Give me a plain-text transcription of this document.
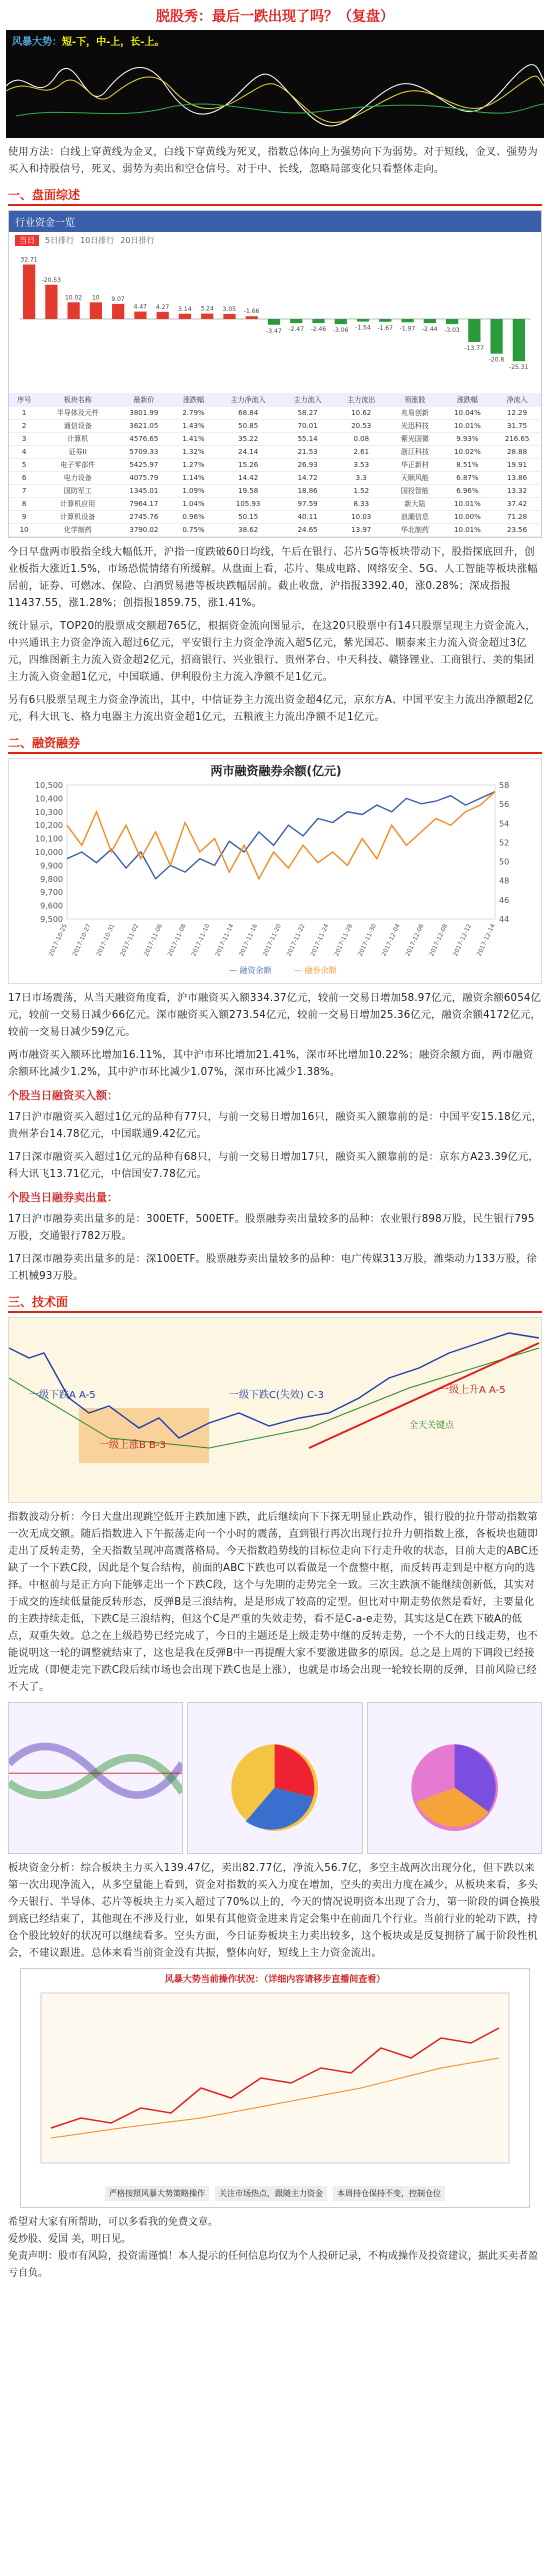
脱股秀：最后一跌出现了吗？（复盘）
风暴大势：短-下，中-上，长-上。

使用方法：白线上穿黄线为金叉，白线下穿黄线为死叉，指数总体向上为强势向下为弱势。对于短线，金叉、强势为买入和持股信号，死叉、弱势为卖出和空仓信号。对于中、长线，忽略局部变化只看整体走向。

一、盘面综述
行业资金一览
当日	5日排行 10日排行 20日排行
32.71
-20.53
10.02 10 9.07
4.47 4.27 3.14 3.24 3.05 -1.66
-3.47 -2.47 -2.46 -3.06 -1.54 -1.67 -1.97 -2.44 -3.03
-13.77
-20.8
-25.31
序号	板块名称	最新价	涨跌幅	主力净流入	主力流入	主力流出	领涨股	涨跌幅	净流入
1	半导体及元件	3801.99	2.79%	68.84	58.27	10.62	兆易创新	10.04%	12.29
2	通信设备	3621.05	1.43%	50.85	70.01	20.53	光迅科技	10.01%	31.75
3	计算机	4576.65	1.41%	35.22	55.14	0.08	紫光国微	9.93%	216.65
4	证券II	5709.33	1.32%	24.14	21.53	2.61	浙江科技	10.02%	28.88
5	电子零部件	5425.97	1.27%	15.26	26.93	3.53	华正新材	8.51%	19.91
6	电力设备	4075.79	1.14%	14.42	14.72	3.3	天顺风能	6.87%	13.86
7	国防军工	1345.01	1.09%	19.58	18.86	1.52	国投智能	6.96%	13.32
8	计算机应用	7964.17	1.04%	105.93	97.59	8.33	新大陆	10.01%	37.42
9	计算机设备	2745.76	0.96%	50.15	40.11	10.03	浪潮信息	10.00%	71.28
10	化学制药	3790.02	0.75%	38.62	24.65	13.97	华北制药	10.01%	23.56

今日早盘两市股指全线大幅低开，沪指一度跌破60日均线，午后在银行、芯片5G等板块带动下，股指探底回升，创业板指大涨近1.5%，市场恐慌情绪有所缓解。从盘面上看，芯片、集成电路、网络安全、5G、人工智能等板块涨幅居前，证券、可燃冰、保险、白酒贸易港等板块跌幅居前。截止收盘，沪指报3392.40，涨0.28%；深成指报11437.55，涨1.28%；创指报1859.75，涨1.41%。

统计显示，TOP20的股票成交额超765亿，根据资金流向图显示，在这20只股票中有14只股票呈现主力资金流入，中兴通讯主力资金净流入超过6亿元，平安银行主力资金净流入超5亿元，紫光国芯、顺泰来主力流入资金超过3亿元，四维图新主力流入资金超2亿元，招商银行、兴业银行、贵州茅台、中天科技、赣锋锂业、工商银行、美的集团主力流入资金超1亿元，中国联通、伊利股份主力流入净额不足1亿元。

另有6只股票呈现主力资金净流出，其中，中信证券主力流出资金超4亿元，京东方A、中国平安主力流出净额超2亿元，科大讯飞、格力电器主力流出资金超1亿元，五粮液主力流出净额不足1亿元。

二、融资融券
两市融资融券余额(亿元)
10,500
10,400
10,300
10,200
10,100
10,000
9,900
9,800
9,700
9,600
9,500
58
56
54
52
50
48
46
44
2017-10-25 2017-10-27 2017-10-31 2017-11-02 2017-11-06 2017-11-08 2017-11-10 2017-11-14 2017-11-16 2017-11-20 2017-11-22 2017-11-24 2017-11-28 2017-11-30 2017-12-04 2017-12-06 2017-12-08 2017-12-12 2017-12-14
— 融资余额	— 融券余额

17日市场震荡，从当天融资角度看，沪市融资买入额334.37亿元，较前一交易日增加58.97亿元，融资余额6054亿元，较前一交易日减少66亿元。深市融资买入额273.54亿元，较前一交易日增加25.36亿元，融资余额4172亿元，较前一交易日减少59亿元。

两市融资买入额环比增加16.11%，其中沪市环比增加21.41%，深市环比增加10.22%；融资余额方面，两市融资余额环比减少1.2%，其中沪市环比减少1.07%，深市环比减少1.38%。

个股当日融资买入额：

17日沪市融资买入超过1亿元的品种有77只，与前一交易日增加16只，融资买入额靠前的是：中国平安15.18亿元，贵州茅台14.78亿元，中国联通9.42亿元。

17日深市融资买入超过1亿元的品种有68只，与前一交易日增加17只，融资买入额靠前的是：京东方A23.39亿元，科大讯飞13.71亿元，中信国安7.78亿元。

个股当日融券卖出量：

17日沪市融券卖出量多的是：300ETF，500ETF。股票融券卖出量较多的品种：农业银行898万股，民生银行795万股，交通银行782万股。

17日深市融券卖出量多的是：深100ETF。股票融券卖出量较多的品种：电广传媒313万股，潍柴动力133万股，徐工机械93万股。

三、技术面
一级下跌A A-5
一级上涨B B-3
一级下跌C(失效) C-3	一级上升A A-5
全天关键点

指数波动分析：今日大盘出现跳空低开主跌加速下跌，此后继续向下下探无明显止跌动作，银行股的拉升带动指数第一次无成交额。随后指数进入下午振荡走向一个小时的震荡，直到银行再次出现行拉升力朝指数上涨，各板块也随即走出了反转走势，全天指数呈现冲高震落格局。今天指数趋势线的目标位走向下行走升收的状态，目前大走的ABC还缺了一个下跌C段，因此是个复合结构，前面的ABC下跌也可以看做是一个盘整中枢，而反转再走到是中枢方向的选择。中枢前与是正方向下能够走出一个下跌C段，这个与先期的走势完全一致。三次主跌演不能继续创新低，其实对于成交的连续低量能反转形态，反弹B是三浪结构，是是形成了较高的定型。但比对中期走势依然是看好，主要量化的主跌持续走低，下跌C是三浪结构，但这个C是严重的失效走势，看不是C-a-e走势，其实这是C在跌下破A的低点，双重失效。总之在上级趋势已经完成了，今日的主题还是上级走势中继的反转走势，一个不大的日线走势，也不能说明这一轮的调整就结束了，这也是我在反弹B中一再提醒大家不要激进做多的原因。总之是上周的下调段已经接近完成（即便走完下跌C段后续市场也会出现下跌C也是上涨），也就是市场会出现一轮较长期的反弹，目前风险已经不大了。

板块资金分析：综合板块主力买入139.47亿，卖出82.77亿，净流入56.7亿，多空主战两次出现分化，但下跌以来第一次出现净流入，从多空量能上看到，资金对指数的买入力度在增加，空头的卖出力度在减少，从板块来看，多头今天银行、半导体、芯片等板块主力买入超过了70%以上的，今天的情况说明资本出现了合力，第一阶段的调仓换股到底已经结束了，其他现在不涉及行业，如果有其他资金进来肯定会集中在前面几个行业。当前行业的轮动下跌，持仓个股比较好的状况可以继续看多。空头方面，今日证券板块主力卖出较多，这个板块或是反复拥挤了属于阶段性机会，不建议跟进。总体来看当前资金没有共振，整体向好，短线上主力资金流出。

风暴大势当前操作状况：（详细内容请移步直播间查看）
严格按照风暴大势策略操作	关注市场热点，跟随主力资金	本周持仓保持不变，控制仓位
希望对大家有所帮助，可以多看我的免费文章。
爱炒股、爱国 美，明日见。
免责声明：股市有风险，投资需谨慎！本人提示的任何信息均仅为个人投研记录，不构成操作及投资建议，据此买卖者盈亏自负。
